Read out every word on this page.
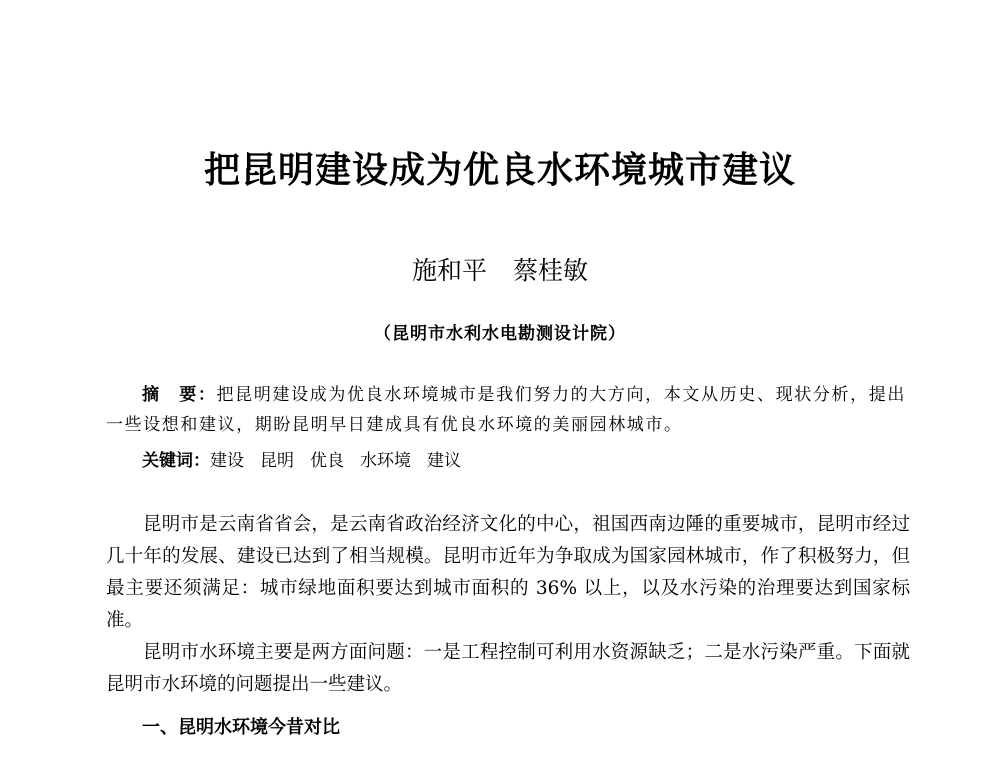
把昆明建设成为优良水环境城市建议
施和平 蔡桂敏
（昆明市水利水电勘测设计院）
摘　要：把昆明建设成为优良水环境城市是我们努力的大方向，本文从历史、现状分析，提出一些设想和建议，期盼昆明早日建成具有优良水环境的美丽园林城市。
关键词：建设 昆明 优良 水环境 建议

昆明市是云南省省会，是云南省政治经济文化的中心，祖国西南边陲的重要城市，昆明市经过几十年的发展、建设已达到了相当规模。昆明市近年为争取成为国家园林城市，作了积极努力，但最主要还须满足：城市绿地面积要达到城市面积的 36% 以上，以及水污染的治理要达到国家标准。

昆明市水环境主要是两方面问题：一是工程控制可利用水资源缺乏；二是水污染严重。下面就昆明市水环境的问题提出一些建议。

一、昆明水环境今昔对比
